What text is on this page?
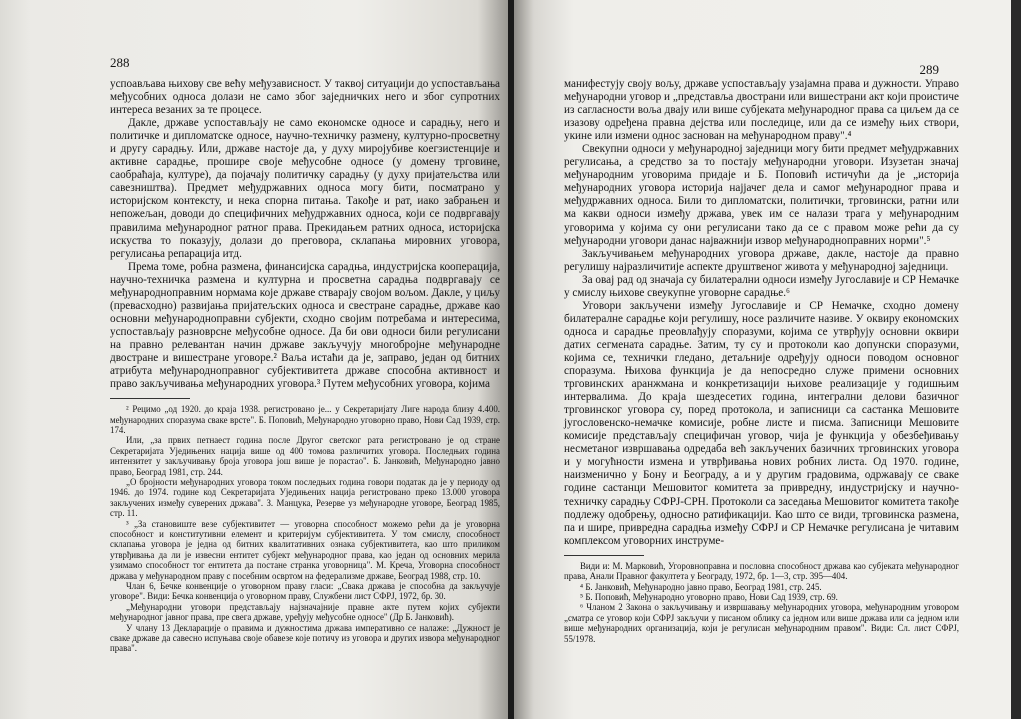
288

успоављава њихову све већу међузависност. У таквој ситуацији до успостављања међусобних односа долази не само због заједничких него и због супротних интереса везаних за те процесе.

Дакле, државе успостављају не само економске односе и сарадњу, него и политичке и дипломатске односе, научно-техничку размену, културно-просветну и другу сарадњу. Или, државе настоје да, у духу миројубиве коегзистенције и активне сарадње, прошире своје међусобне односе (у домену трговине, саобраћаја, културе), да појачају политичку сарадњу (у духу пријатељства или савезништва). Предмет међудржавних односа могу бити, посматрано у историјском контексту, и нека спорна питања. Такође и рат, иако забрањен и непожељан, доводи до специфичних међудржавних односа, који се подвргавају правилима међународног ратног права. Прекидањем ратних односа, историјска искуства то показују, долази до преговора, склапања мировних уговора, регулисања репарација итд.

Према томе, робна размена, финансијска сарадња, индустријска кооперација, научно-техничка размена и културна и просветна сарадња подвргавају се међународноправним нормама које државе стварају својом вољом. Дакле, у циљу (превасходно) развијања пријатељских односа и свестране сарадње, државе као основни међународноправни субјекти, сходно својим потребама и интересима, успостављају разноврсне међусобне односе. Да би ови односи били регулисани на правно релевантан начин државе закључују многобројне међународне двостране и вишестране уговоре.² Ваља истаћи да је, заправо, један од битних атрибута међународноправног субјективитета државе способна активност и право закључивања међународних уговора.³ Путем међусобних уговора, којима

² Рецимо „од 1920. до краја 1938. регистровано је... у Секретаријату Лиге народа близу 4.400. међународних споразума сваке врсте". Б. Поповић, Међународно уговорно право, Нови Сад 1939, стр. 174.

Или, „за првих петнаест година после Другог светског рата регистровано је од стране Секретаријата Уједињених нација више од 400 томова различитих уговора. Последњих година интензитет у закључивању броја уговора још више је порастао". Б. Јанковић, Међународно јавно право, Београд 1981, стр. 244.

„О бројности међународних уговора током последњих година говори податак да је у периоду од 1946. до 1974. године код Секретаријата Уједињених нација регистровано преко 13.000 уговора закључених између суверених држава". З. Манцука, Резерве уз међународне уговоре, Београд 1985, стр. 11.

³ „За становиште везе субјективитет — уговорна способност можемо рећи да је уговорна способност и конститутивни елемент и критеријум субјективитета. У том смислу, способност склапања уговора је једна од битних квалитативних ознака субјективитета, као што приликом утврђивања да ли је извесни ентитет субјект међународног права, као један од основних мерила узимамо способност тог ентитета да постане странка уговорница". М. Креча, Уговорна способност држава у међународном праву с посебним освртом на федерализме државе, Београд 1988, стр. 10.

Члан 6, Бечке конвенције о уговорном праву гласи: „Свака држава је способна да закључује уговоре". Види: Бечка конвенција о уговорном праву, Службени лист СФРЈ, 1972, бр. 30.

„Међународни уговори представљају најзначајније правне акте путем којих субјекти међународног јавног права, пре свега државе, уређују међусобне односе" (Др Б. Јанковић).

У члану 13 Декларације о правима и дужностима држава императивно се налаже: „Дужност је сваке државе да савесно испуњава своје обавезе које потичу из уговора и других извора међународног права".

289

манифестују своју вољу, државе успостављају узајамна права и дужности. Управо међународни уговор и „представља двострани или вишестрани акт који проистиче из сагласности воља двају или више субјеката међународног права са циљем да се изазову одређена правна дејства или последице, или да се између њих створи, укине или измени однос заснован на међународном праву".⁴

Свекупни односи у међународној заједници могу бити предмет међудржавних регулисања, а средство за то постају међународни уговори. Изузетан значај међународним уговорима придаје и Б. Поповић истичући да је „историја међународних уговора историја најјачег дела и самог међународног права и међудржавних односа. Били то дипломатски, политички, трговински, ратни или ма какви односи између држава, увек им се налази трага у међународним уговорима у којима су они регулисани тако да се с правом може рећи да су међународни уговори данас најважнији извор међународноправних норми".⁵

Закључивањем међународних уговора државе, дакле, настоје да правно регулишу најразличитије аспекте друштвеног живота у међународној заједници.

За овај рад од значаја су билатерални односи између Југославије и СР Немачке у смислу њихове свеукупне уговорне сарадње.⁶

Уговори закључени између Југославије и СР Немачке, сходно домену билатералне сарадње који регулишу, носе различите називе. У оквиру економских односа и сарадње преовлађују споразуми, којима се утврђују основни оквири датих сегмената сарадње. Затим, ту су и протоколи као допунски споразуми, којима се, технички гледано, детаљније одређују односи поводом основног споразума. Њихова функција је да непосредно служе примени основних трговинских аранжмана и конкретизацији њихове реализације у годишњим интервалима. До краја шездесетих година, интегрални делови базичног трговинског уговора су, поред протокола, и записници са састанка Мешовите југословенско-немачке комисије, робне листе и писма. Записници Мешовите комисије представљају специфичан уговор, чија је функција у обезбеђивању несметаног извршавања одредаба већ закључених базичних трговинских уговора и у могућности измена и утврђивања нових робних листа. Од 1970. године, наизменично у Бону и Београду, а и у другим градовима, одржавају се сваке године састанци Мешовитог комитета за привредну, индустријску и научно-техничку сарадњу СФРЈ-СРН. Протоколи са заседања Мешовитог комитета такође подлежу одобрењу, односно ратификацији. Као што се види, трговинска размена, па и шире, привредна сарадња између СФРЈ и СР Немачке регулисана је читавим комплексом уговорних инструме-

Види и: М. Марковић, Угоровноправна и пословна способност држава као субјеката међународног права, Анали Правног факултета у Београду, 1972, бр. 1—3, стр. 395—404.

⁴ Б. Јанковић, Међународно јавно право, Београд 1981, стр. 245.

⁵ Б. Поповић, Међународно уговорно право, Нови Сад 1939, стр. 69.

⁶ Чланом 2 Закона о закључивању и извршавању међународних уговора, међународним уговором „сматра се уговор који СФРЈ закључи у писаном облику са једном или више држава или са једном или више међународних организација, који је регулисан међународним правом". Види: Сл. лист СФРЈ, 55/1978.
